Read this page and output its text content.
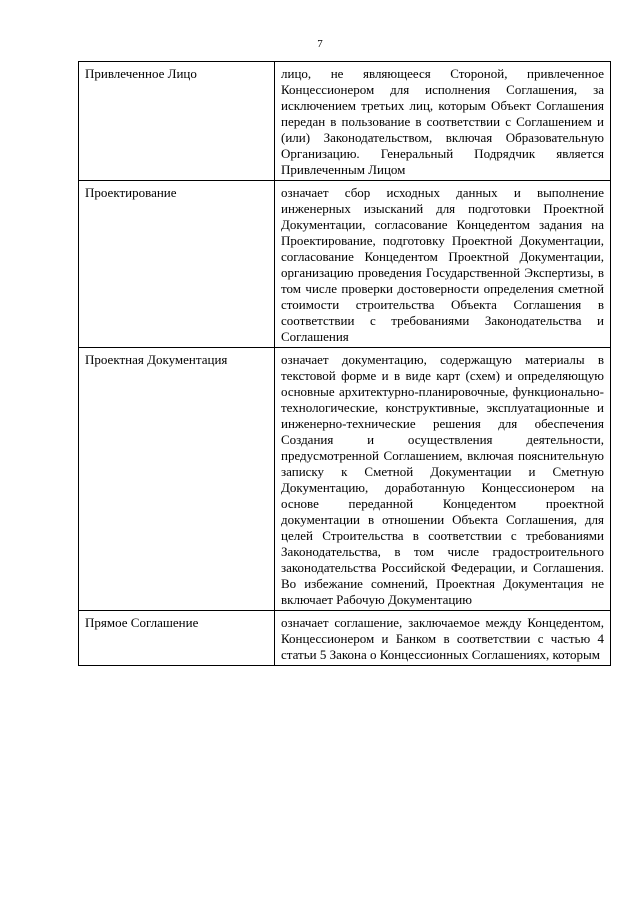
7
Привлеченное Лицо	лицо, не являющееся Стороной, привлеченное Концессионером для исполнения Соглашения, за исключением третьих лиц, которым Объект Соглашения передан в пользование в соответствии с Соглашением и (или) Законодательством, включая Образовательную Организацию. Генеральный Подрядчик является Привлеченным Лицом
Проектирование	означает сбор исходных данных и выполнение инженерных изысканий для подготовки Проектной Документации, согласование Концедентом задания на Проектирование, подготовку Проектной Документации, согласование Концедентом Проектной Документации, организацию проведения Государственной Экспертизы, в том числе проверки достоверности определения сметной стоимости строительства Объекта Соглашения в соответствии с требованиями Законодательства и Соглашения
Проектная Документация	означает документацию, содержащую материалы в текстовой форме и в виде карт (схем) и определяющую основные архитектурно-планировочные, функционально-технологические, конструктивные, эксплуатационные и инженерно-технические решения для обеспечения Создания и осуществления деятельности, предусмотренной Соглашением, включая пояснительную записку к Сметной Документации и Сметную Документацию, доработанную Концессионером на основе переданной Концедентом проектной документации в отношении Объекта Соглашения, для целей Строительства в соответствии с требованиями Законодательства, в том числе градостроительного законодательства Российской Федерации, и Соглашения. Во избежание сомнений, Проектная Документация не включает Рабочую Документацию
Прямое Соглашение	означает соглашение, заключаемое между Концедентом, Концессионером и Банком в соответствии с частью 4 статьи 5 Закона о Концессионных Соглашениях, которым
